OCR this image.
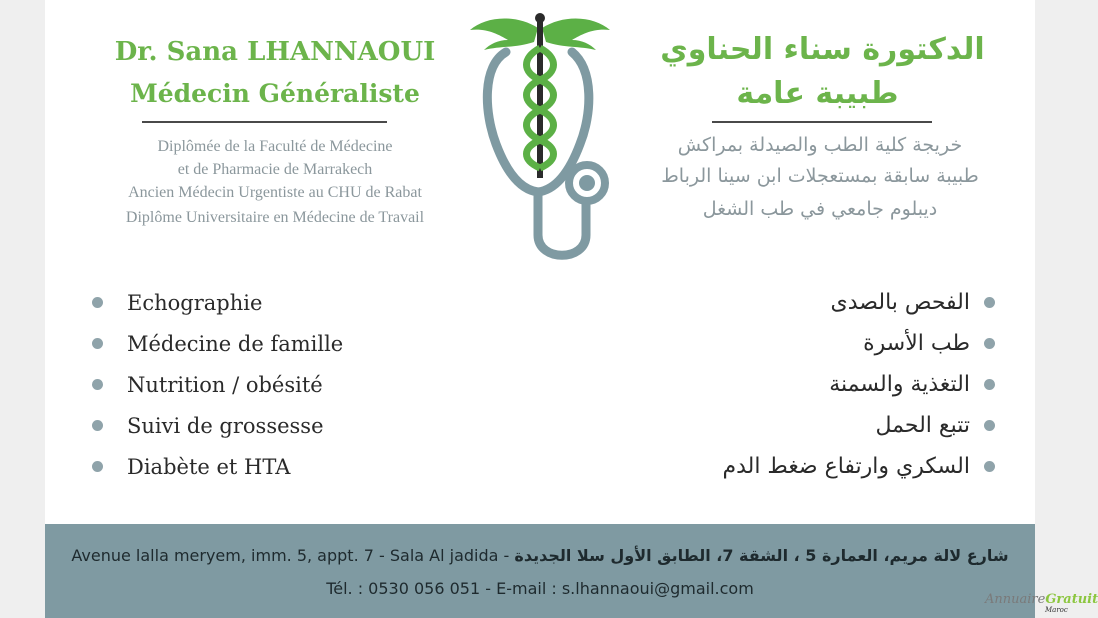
Dr. Sana LHANNAOUI
Médecin Généraliste
Diplômée de la Faculté de Médecine
et de Pharmacie de Marrakech
Ancien Médecin Urgentiste au CHU de Rabat
Diplôme Universitaire en Médecine de Travail
الدكتورة سناء الحناوي
طبيبة عامة
خريجة كلية الطب والصيدلة بمراكش
طبيبة سابقة بمستعجلات ابن سينا الرباط
ديبلوم جامعي في طب الشغل
Echographie
Médecine de famille
Nutrition / obésité
Suivi de grossesse
Diabète et HTA
الفحص بالصدى
طب الأسرة
التغذية والسمنة
تتبع الحمل
السكري وارتفاع ضغط الدم
Avenue lalla meryem, imm. 5, appt. 7 - Sala Al jadida - شارع لالة مريم، العمارة 5 ، الشقة 7، الطابق الأول سلا الجديدة
Tél. : 0530 056 051 - E-mail : s.lhannaoui@gmail.com
AnnuaireGratuit
Maroc
